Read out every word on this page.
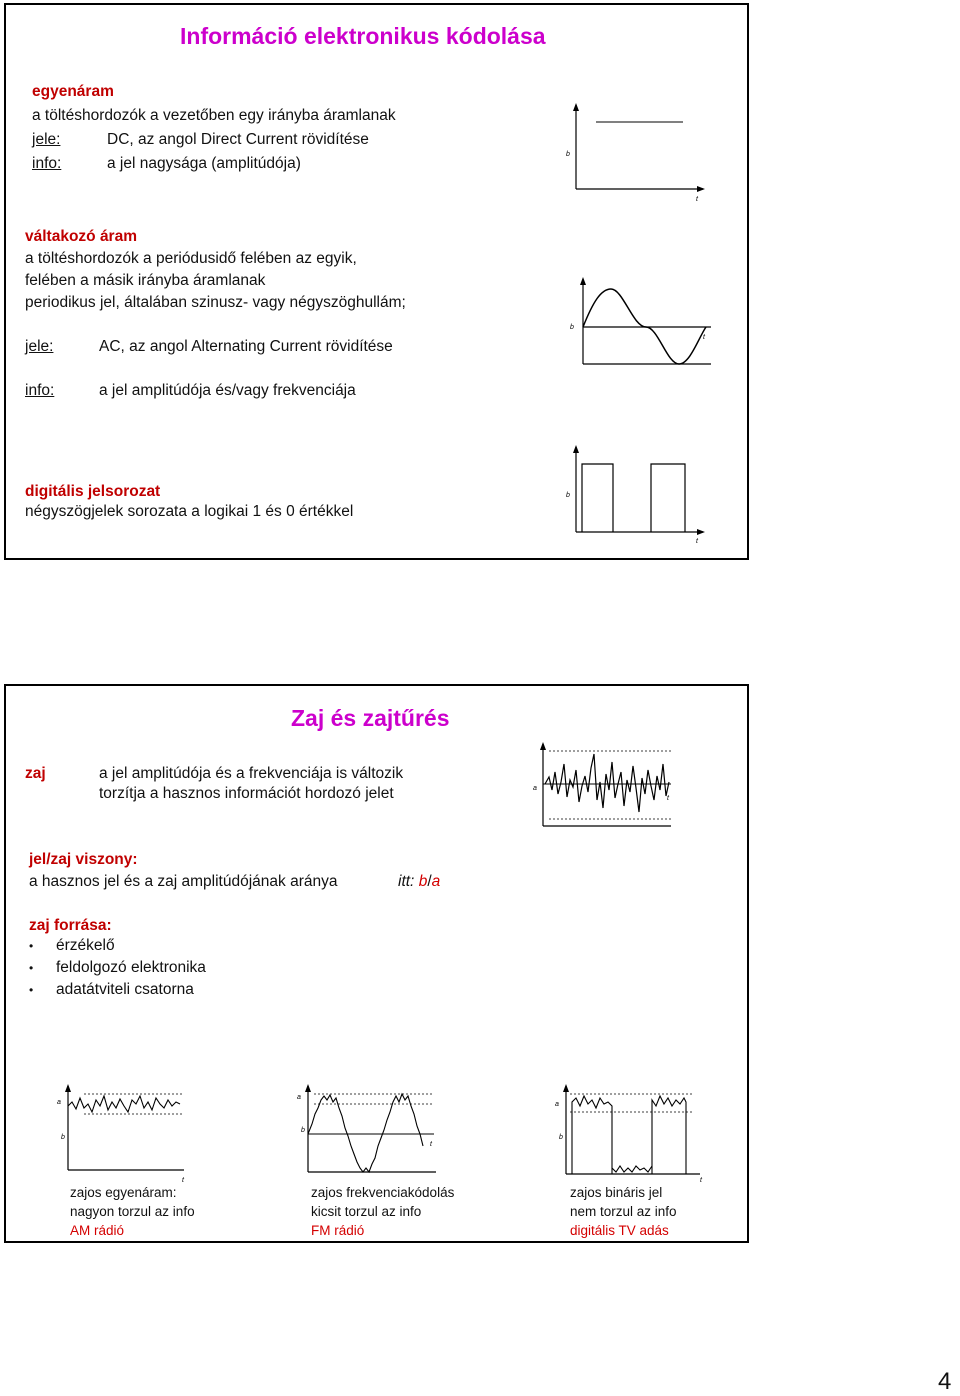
Információ elektronikus kódolása
egyenáram
a töltéshordozók a vezetőben egy irányba áramlanak
jele:	DC, az angol Direct Current rövidítése
info:	a jel nagysága (amplitúdója)
b
t
váltakozó áram
a töltéshordozók a periódusidő felében az egyik,
felében a másik irányba áramlanak
periodikus jel, általában szinusz- vagy négyszöghullám;
jele:	AC, az angol Alternating Current rövidítése
info:	a jel amplitúdója és/vagy frekvenciája
b
t
digitális jelsorozat
négyszögjelek sorozata a logikai 1 és 0 értékkel
b
t
Zaj és zajtűrés
zaj	a jel amplitúdója és a frekvenciája is változik
torzítja a hasznos információt hordozó jelet	a
t
jel/zaj viszony:
a hasznos jel és a zaj amplitúdójának aránya	itt: b/a
zaj forrása:
• érzékelő
• feldolgozó elektronika
• adatátviteli csatorna
a
b
t
a
b
t
a
b
t
zajos egyenáram:
nagyon torzul az info
AM rádió
zajos frekvenciakódolás
kicsit torzul az info
FM rádió
zajos bináris jel
nem torzul az info
digitális TV adás
4
